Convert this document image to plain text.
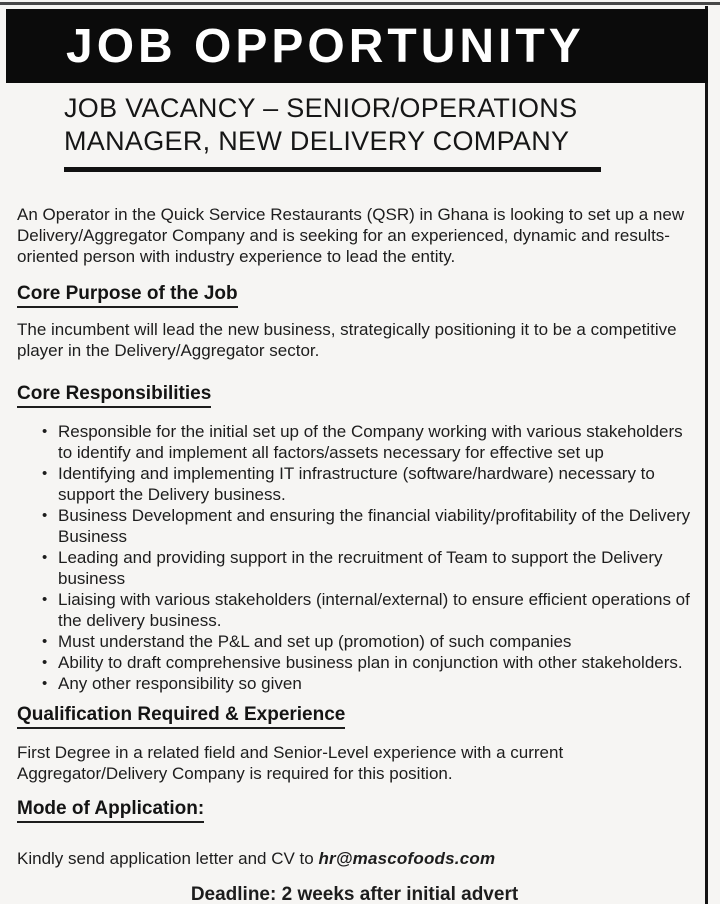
JOB OPPORTUNITY
JOB VACANCY – SENIOR/OPERATIONS MANAGER, NEW DELIVERY COMPANY

An Operator in the Quick Service Restaurants (QSR) in Ghana is looking to set up a new Delivery/Aggregator Company and is seeking for an experienced, dynamic and results-oriented person with industry experience to lead the entity.

Core Purpose of the Job

The incumbent will lead the new business, strategically positioning it to be a competitive player in the Delivery/Aggregator sector.

Core Responsibilities
• Responsible for the initial set up of the Company working with various stakeholders to identify and implement all factors/assets necessary for effective set up
• Identifying and implementing IT infrastructure (software/hardware) necessary to support the Delivery business.
• Business Development and ensuring the financial viability/profitability of the Delivery Business
• Leading and providing support in the recruitment of Team to support the Delivery business
• Liaising with various stakeholders (internal/external) to ensure efficient operations of the delivery business.
• Must understand the P&L and set up (promotion) of such companies
• Ability to draft comprehensive business plan in conjunction with other stakeholders.
• Any other responsibility so given
Qualification Required & Experience

First Degree in a related field and Senior-Level experience with a current Aggregator/Delivery Company is required for this position.

Mode of Application:

Kindly send application letter and CV to hr@mascofoods.com

Deadline: 2 weeks after initial advert
